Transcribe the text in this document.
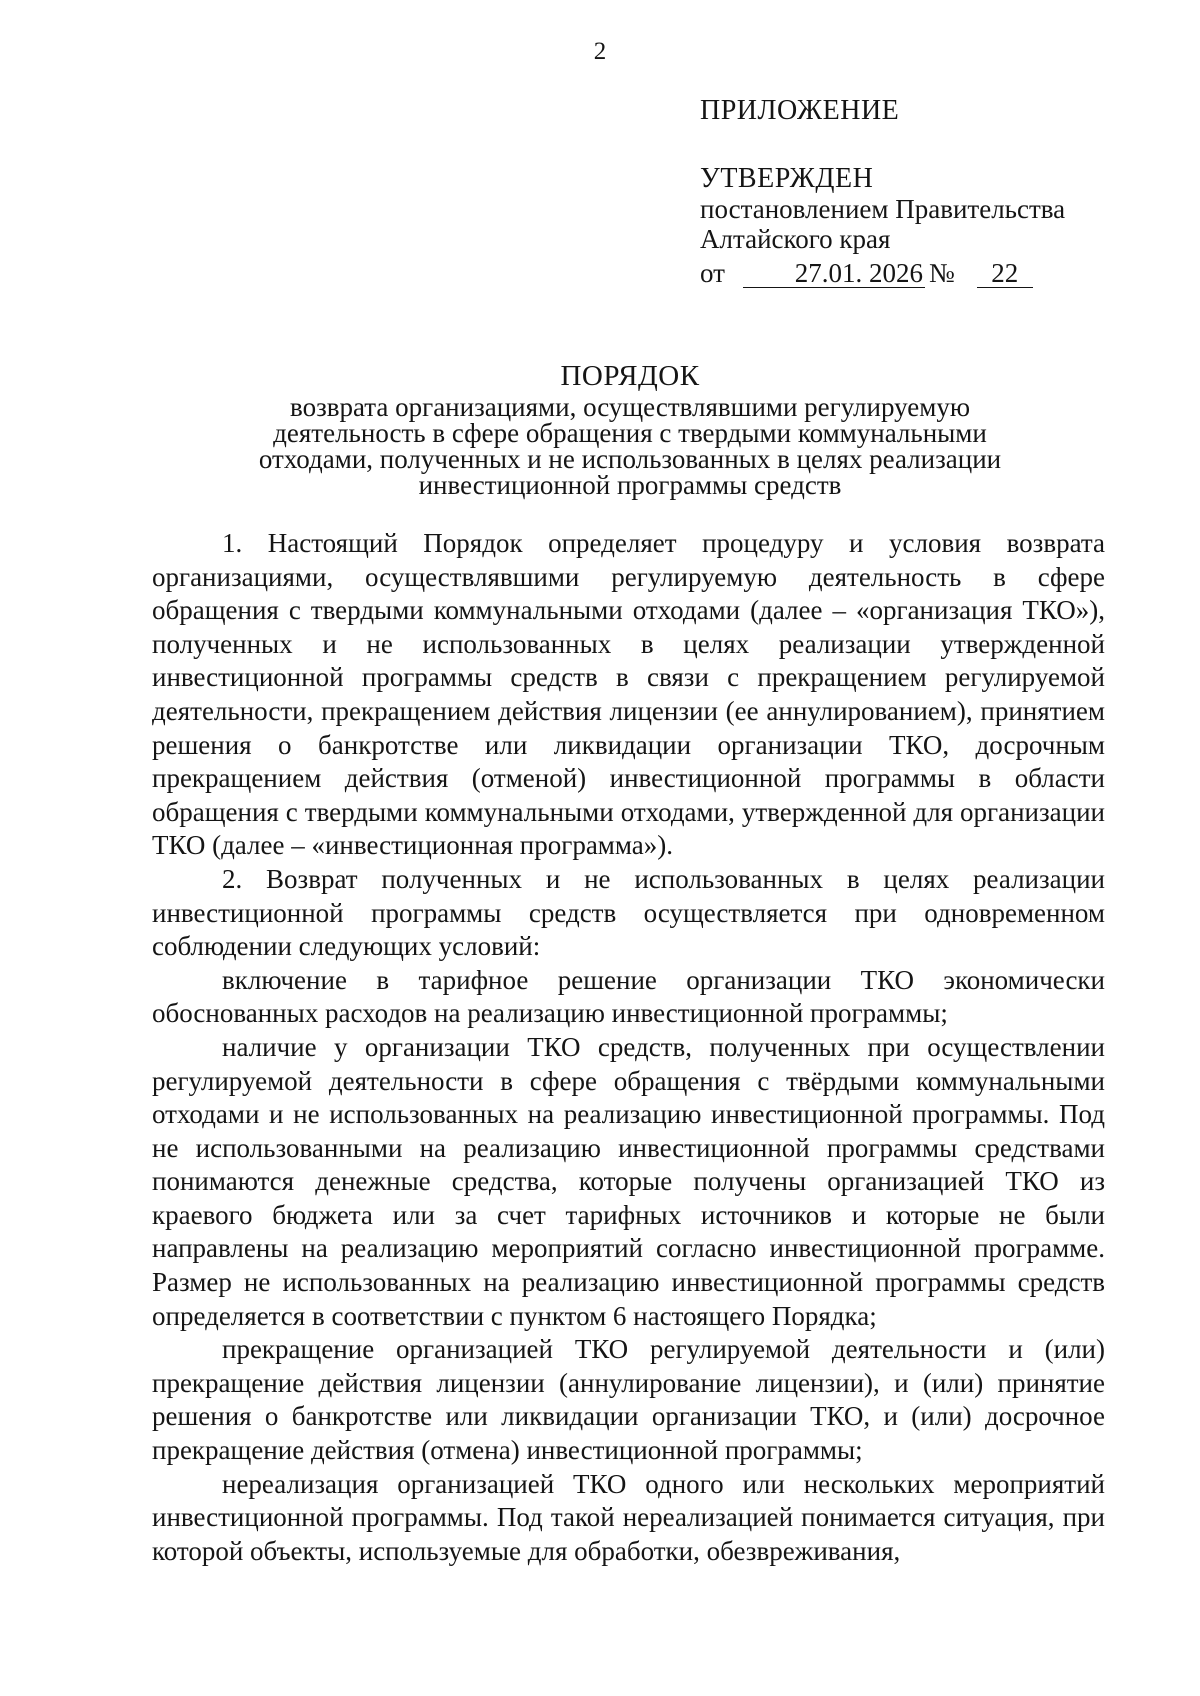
2
ПРИЛОЖЕНИЕ
УТВЕРЖДЕН
постановлением Правительства
Алтайского края
от	27.01. 2026 №	22
ПОРЯДОК
возврата организациями, осуществлявшими регулируемую
деятельность в сфере обращения с твердыми коммунальными
отходами, полученных и не использованных в целях реализации
инвестиционной программы средств

1. Настоящий Порядок определяет процедуру и условия возврата организациями, осуществлявшими регулируемую деятельность в сфере обращения с твердыми коммунальными отходами (далее – «организация ТКО»), полученных и не использованных в целях реализации утвержденной инвестиционной программы средств в связи с прекращением регулируемой деятельности, прекращением действия лицензии (ее аннулированием), принятием решения о банкротстве или ликвидации организации ТКО, досрочным прекращением действия (отменой) инвестиционной программы в области обращения с твердыми коммунальными отходами, утвержденной для организации ТКО (далее – «инвестиционная программа»).

2. Возврат полученных и не использованных в целях реализации инвестиционной программы средств осуществляется при одновременном соблюдении следующих условий:

включение в тарифное решение организации ТКО экономически обоснованных расходов на реализацию инвестиционной программы;

наличие у организации ТКО средств, полученных при осуществлении регулируемой деятельности в сфере обращения с твёрдыми коммунальными отходами и не использованных на реализацию инвестиционной программы. Под не использованными на реализацию инвестиционной программы средствами понимаются денежные средства, которые получены организацией ТКО из краевого бюджета или за счет тарифных источников и которые не были направлены на реализацию мероприятий согласно инвестиционной программе. Размер не использованных на реализацию инвестиционной программы средств определяется в соответствии с пунктом 6 настоящего Порядка;

прекращение организацией ТКО регулируемой деятельности и (или) прекращение действия лицензии (аннулирование лицензии), и (или) принятие решения о банкротстве или ликвидации организации ТКО, и (или) досрочное прекращение действия (отмена) инвестиционной программы;

нереализация организацией ТКО одного или нескольких мероприятий инвестиционной программы. Под такой нереализацией понимается ситуация, при которой объекты, используемые для обработки, обезвреживания,
